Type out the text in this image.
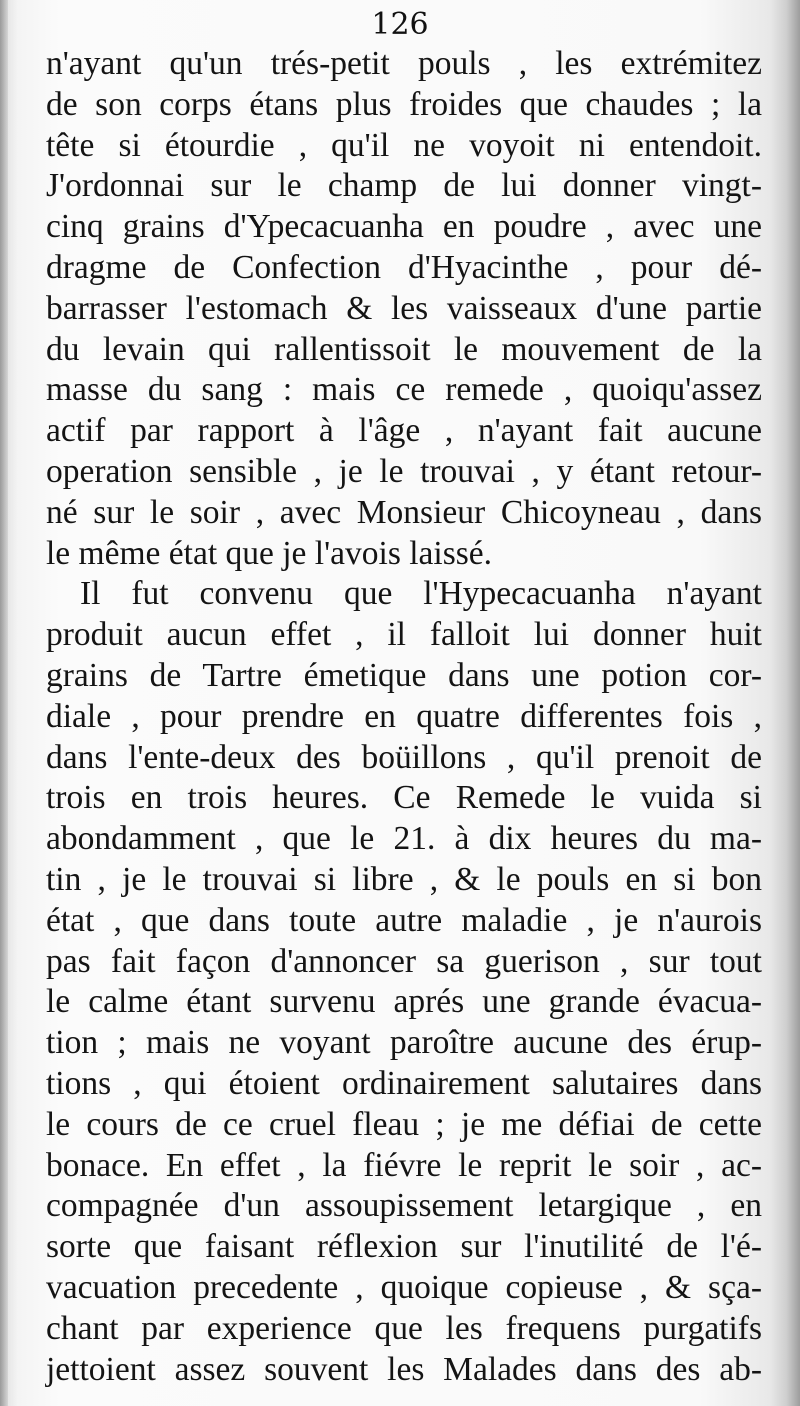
126
n'ayant qu'un trés-petit pouls , les extrémitez
de son corps étans plus froides que chaudes ; la
tête si étourdie , qu'il ne voyoit ni entendoit.
J'ordonnai sur le champ de lui donner vingt-
cinq grains d'Ypecacuanha en poudre , avec une
dragme de Confection d'Hyacinthe , pour dé-
barrasser l'estomach & les vaisseaux d'une partie
du levain qui rallentissoit le mouvement de la
masse du sang : mais ce remede , quoiqu'assez
actif par rapport à l'âge , n'ayant fait aucune
operation sensible , je le trouvai , y étant retour-
né sur le soir , avec Monsieur Chicoyneau , dans
le même état que je l'avois laissé.
Il fut convenu que l'Hypecacuanha n'ayant
produit aucun effet , il falloit lui donner huit
grains de Tartre émetique dans une potion cor-
diale , pour prendre en quatre differentes fois ,
dans l'ente-deux des boüillons , qu'il prenoit de
trois en trois heures. Ce Remede le vuida si
abondamment , que le 21. à dix heures du ma-
tin , je le trouvai si libre , & le pouls en si bon
état , que dans toute autre maladie , je n'aurois
pas fait façon d'annoncer sa guerison , sur tout
le calme étant survenu aprés une grande évacua-
tion ; mais ne voyant paroître aucune des érup-
tions , qui étoient ordinairement salutaires dans
le cours de ce cruel fleau ; je me défiai de cette
bonace. En effet , la fiévre le reprit le soir , ac-
compagnée d'un assoupissement letargique , en
sorte que faisant réflexion sur l'inutilité de l'é-
vacuation precedente , quoique copieuse , & sça-
chant par experience que les frequens purgatifs
jettoient assez souvent les Malades dans des ab-
